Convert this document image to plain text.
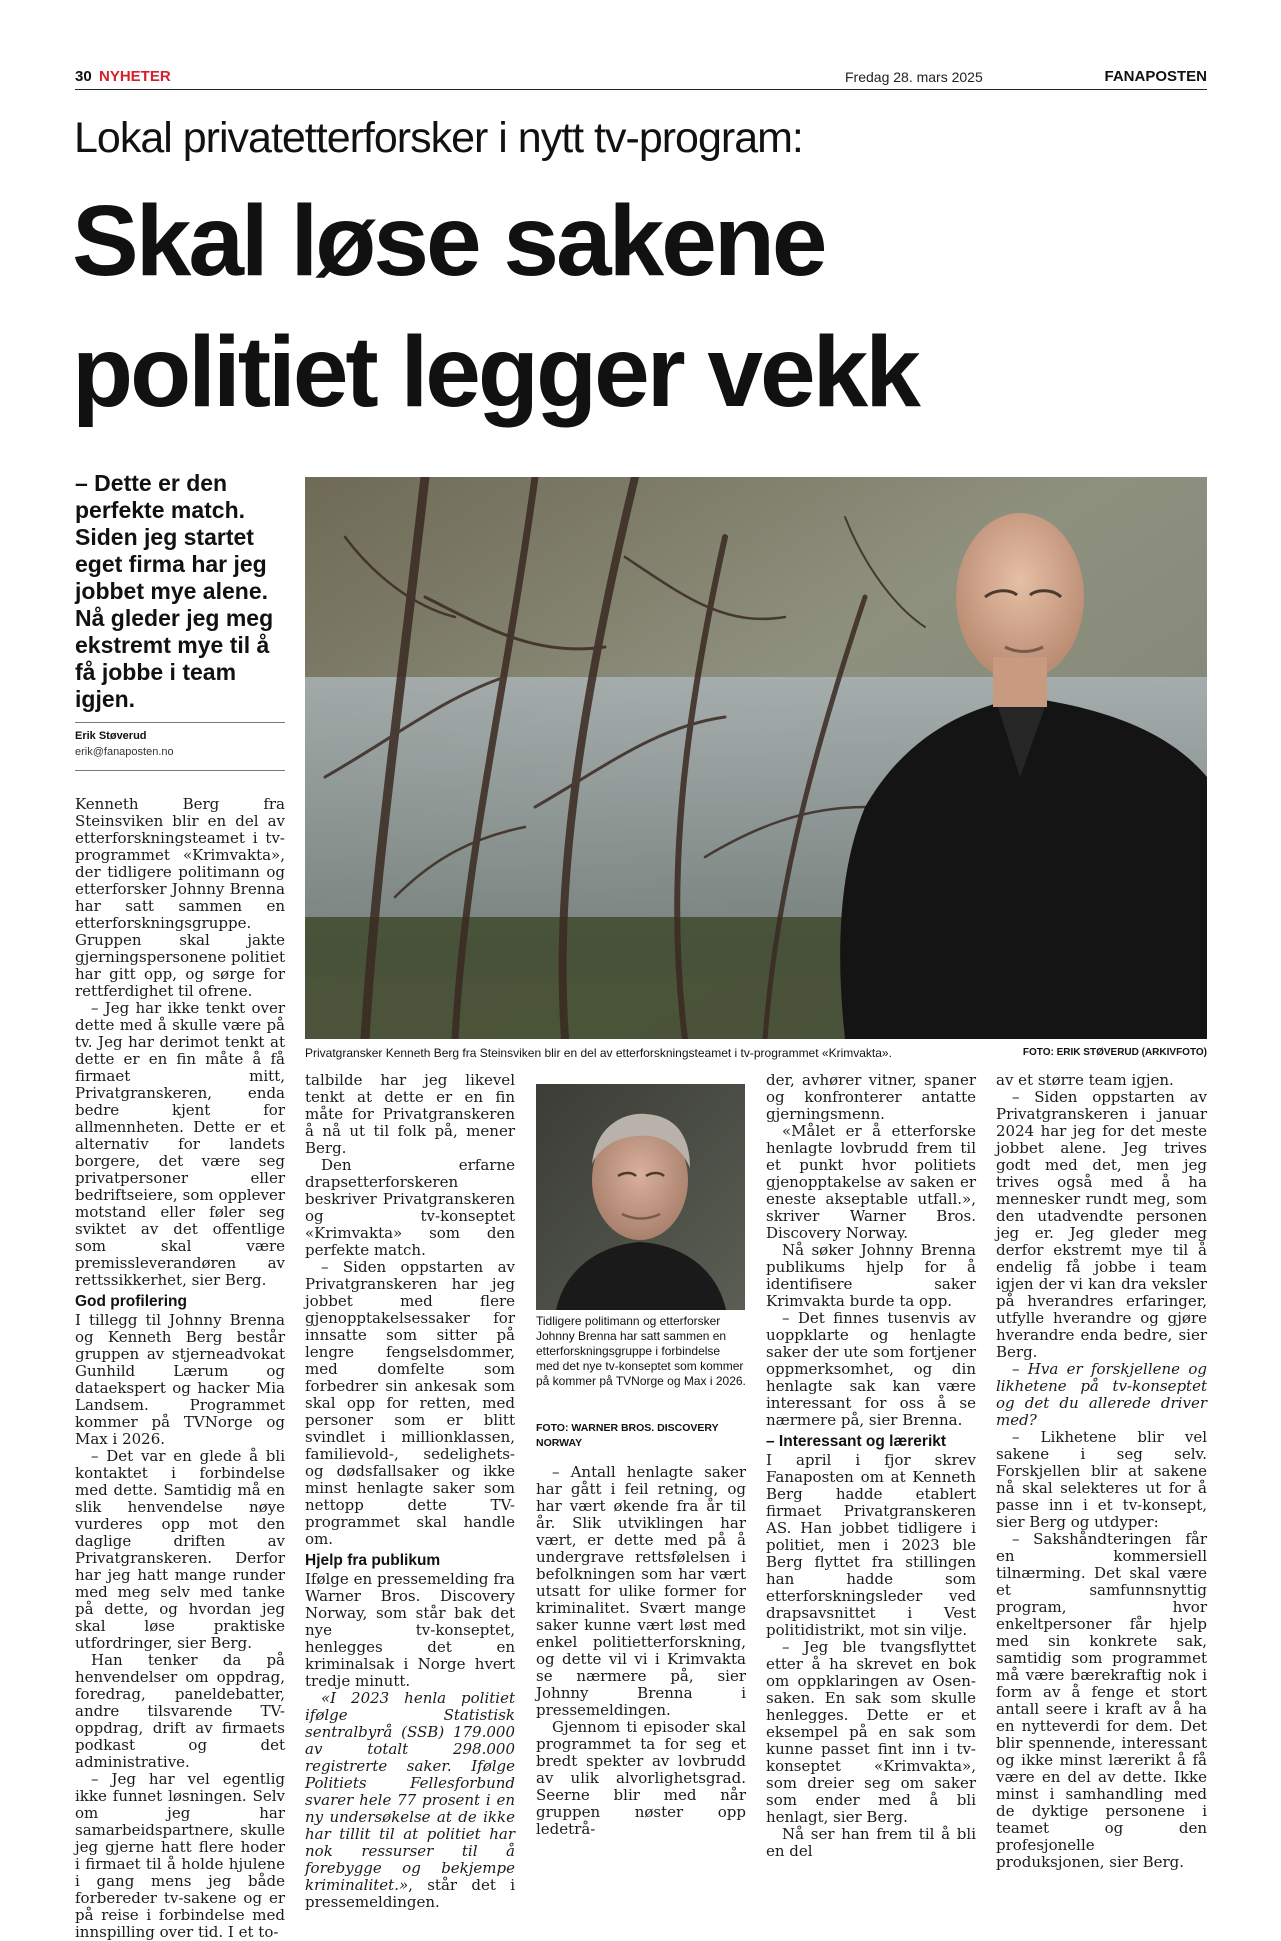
30 NYHETER	Fredag 28. mars 2025	FANAPOSTEN
Lokal privatetterforsker i nytt tv-program:
Skal løse sakene
politiet legger vekk
– Dette er den perfekte match. Siden jeg startet eget firma har jeg jobbet mye alene. Nå gleder jeg meg ekstremt mye til å få jobbe i team igjen.
Erik Støverud
erik@fanaposten.no
Privatgransker Kenneth Berg fra Steinsviken blir en del av etterforskningsteamet i tv-programmet «Krimvakta».	FOTO: ERIK STØVERUD (ARKIVFOTO)

Kenneth Berg fra Steinsviken blir en del av etterforskningsteamet i tv-programmet «Krimvakta», der tidligere politimann og etterforsker Johnny Brenna har satt sammen en etterforskningsgruppe. Gruppen skal jakte gjerningspersonene politiet har gitt opp, og sørge for rettferdighet til ofrene.

– Jeg har ikke tenkt over dette med å skulle være på tv. Jeg har derimot tenkt at dette er en fin måte å få firmaet mitt, Privatgranskeren, enda bedre kjent for allmennheten. Dette er et alternativ for landets borgere, det være seg privatpersoner eller bedriftseiere, som opplever motstand eller føler seg sviktet av det offentlige som skal være premissleverandøren av rettssikkerhet, sier Berg.

God profilering

I tillegg til Johnny Brenna og Kenneth Berg består gruppen av stjerneadvokat Gunhild Lærum og dataekspert og hacker Mia Landsem. Programmet kommer på TVNorge og Max i 2026.

– Det var en glede å bli kontaktet i forbindelse med dette. Samtidig må en slik henvendelse nøye vurderes opp mot den daglige driften av Privatgranskeren. Derfor har jeg hatt mange runder med meg selv med tanke på dette, og hvordan jeg skal løse praktiske utfordringer, sier Berg.

Han tenker da på henvendelser om oppdrag, foredrag, paneldebatter, andre tilsvarende TV-oppdrag, drift av firmaets podkast og det administrative.

– Jeg har vel egentlig ikke funnet løsningen. Selv om jeg har samarbeidspartnere, skulle jeg gjerne hatt flere hoder i firmaet til å holde hjulene i gang mens jeg både forbereder tv-sakene og er på reise i forbindelse med innspilling over tid. I et to-

talbilde har jeg likevel tenkt at dette er en fin måte for Privatgranskeren å nå ut til folk på, mener Berg.

Den erfarne drapsetterforskeren beskriver Privatgranskeren og tv-konseptet «Krimvakta» som den perfekte match.

– Siden oppstarten av Privatgranskeren har jeg jobbet med flere gjenopptakelsessaker for innsatte som sitter på lengre fengselsdommer, med domfelte som forbedrer sin ankesak som skal opp for retten, med personer som er blitt svindlet i millionklassen, familievold-, sedelighets- og dødsfallsaker og ikke minst henlagte saker som nettopp dette TV-programmet skal handle om.

Hjelp fra publikum

Ifølge en pressemelding fra Warner Bros. Discovery Norway, som står bak det nye tv-konseptet, henlegges det en kriminalsak i Norge hvert tredje minutt.

«I 2023 henla politiet ifølge Statistisk sentralbyrå (SSB) 179.000 av totalt 298.000 registrerte saker. Ifølge Politiets Fellesforbund svarer hele 77 prosent i en ny undersøkelse at de ikke har tillit til at politiet har nok ressurser til å forebygge og bekjempe kriminalitet.», står det i pressemeldingen.

Tidligere politimann og etterforsker Johnny Brenna har satt sammen en etterforskningsgruppe i forbindelse med det nye tv-konseptet som kommer på kommer på TVNorge og Max i 2026.
FOTO: WARNER BROS. DISCOVERY NORWAY

– Antall henlagte saker har gått i feil retning, og har vært økende fra år til år. Slik utviklingen har vært, er dette med på å undergrave rettsfølelsen i befolkningen som har vært utsatt for ulike former for kriminalitet. Svært mange saker kunne vært løst med enkel politietterforskning, og dette vil vi i Krimvakta se nærmere på, sier Johnny Brenna i pressemeldingen.

Gjennom ti episoder skal programmet ta for seg et bredt spekter av lovbrudd av ulik alvorlighetsgrad. Seerne blir med når gruppen nøster opp ledetrå-

der, avhører vitner, spaner og konfronterer antatte gjerningsmenn.

«Målet er å etterforske henlagte lovbrudd frem til et punkt hvor politiets gjenopptakelse av saken er eneste akseptable utfall.», skriver Warner Bros. Discovery Norway.

Nå søker Johnny Brenna publikums hjelp for å identifisere saker Krimvakta burde ta opp.

– Det finnes tusenvis av uoppklarte og henlagte saker der ute som fortjener oppmerksomhet, og din henlagte sak kan være interessant for oss å se nærmere på, sier Brenna.

– Interessant og lærerikt

I april i fjor skrev Fanaposten om at Kenneth Berg hadde etablert firmaet Privatgranskeren AS. Han jobbet tidligere i politiet, men i 2023 ble Berg flyttet fra stillingen han hadde som etterforskningsleder ved drapsavsnittet i Vest politidistrikt, mot sin vilje.

– Jeg ble tvangsflyttet etter å ha skrevet en bok om oppklaringen av Osen-saken. En sak som skulle henlegges. Dette er et eksempel på en sak som kunne passet fint inn i tv-konseptet «Krimvakta», som dreier seg om saker som ender med å bli henlagt, sier Berg.

Nå ser han frem til å bli en del

av et større team igjen.

– Siden oppstarten av Privatgranskeren i januar 2024 har jeg for det meste jobbet alene. Jeg trives godt med det, men jeg trives også med å ha mennesker rundt meg, som den utadvendte personen jeg er. Jeg gleder meg derfor ekstremt mye til å endelig få jobbe i team igjen der vi kan dra veksler på hverandres erfaringer, utfylle hverandre og gjøre hverandre enda bedre, sier Berg.

– Hva er forskjellene og likhetene på tv-konseptet og det du allerede driver med?

– Likhetene blir vel sakene i seg selv. Forskjellen blir at sakene nå skal selekteres ut for å passe inn i et tv-konsept, sier Berg og utdyper:

– Sakshåndteringen får en kommersiell tilnærming. Det skal være et samfunnsnyttig program, hvor enkeltpersoner får hjelp med sin konkrete sak, samtidig som programmet må være bærekraftig nok i form av å fenge et stort antall seere i kraft av å ha en nytteverdi for dem. Det blir spennende, interessant og ikke minst lærerikt å få være en del av dette. Ikke minst i samhandling med de dyktige personene i teamet og den profesjonelle produksjonen, sier Berg.
